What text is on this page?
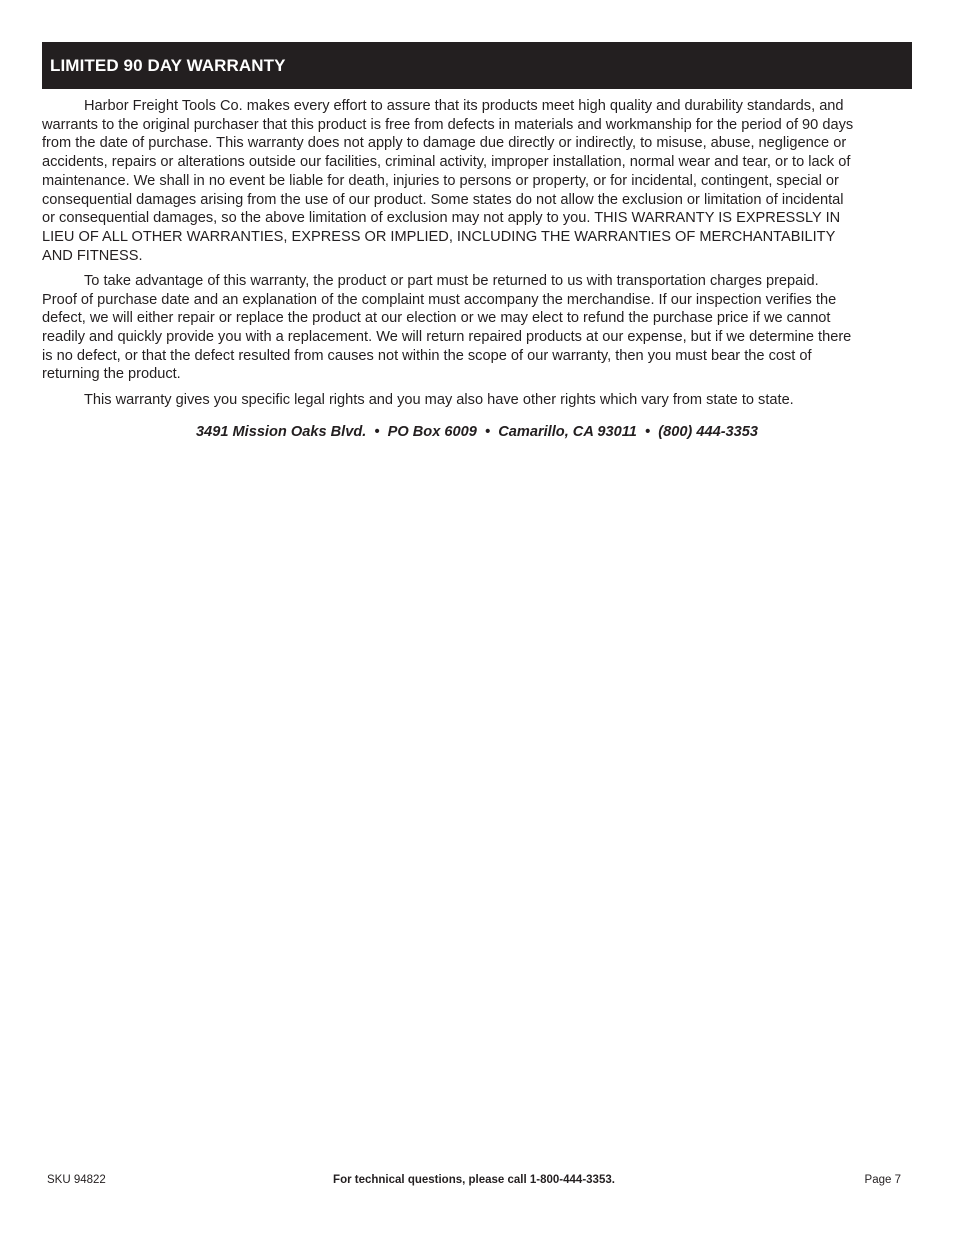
LIMITED 90 DAY WARRANTY

Harbor Freight Tools Co. makes every effort to assure that its products meet high quality and durability standards, and warrants to the original purchaser that this product is free from defects in materials and workmanship for the period of 90 days from the date of purchase. This warranty does not apply to damage due directly or indirectly, to misuse, abuse, negligence or accidents, repairs or alterations outside our facilities, criminal activity, improper installation, normal wear and tear, or to lack of maintenance. We shall in no event be liable for death, injuries to persons or property, or for incidental, contingent, special or consequential damages arising from the use of our product. Some states do not allow the exclusion or limitation of incidental or consequential damages, so the above limitation of exclusion may not apply to you. THIS WARRANTY IS EXPRESSLY IN LIEU OF ALL OTHER WARRANTIES, EXPRESS OR IMPLIED, INCLUDING THE WARRANTIES OF MERCHANTABILITY AND FITNESS.

To take advantage of this warranty, the product or part must be returned to us with transportation charges prepaid. Proof of purchase date and an explanation of the complaint must accompany the merchandise. If our inspection verifies the defect, we will either repair or replace the product at our election or we may elect to refund the purchase price if we cannot readily and quickly provide you with a replacement. We will return repaired products at our expense, but if we determine there is no defect, or that the defect resulted from causes not within the scope of our warranty, then you must bear the cost of returning the product.

This warranty gives you specific legal rights and you may also have other rights which vary from state to state.

3491 Mission Oaks Blvd.  •  PO Box 6009  •  Camarillo, CA 93011  •  (800) 444-3353
SKU 94822	For technical questions, please call 1-800-444-3353.	Page 7
